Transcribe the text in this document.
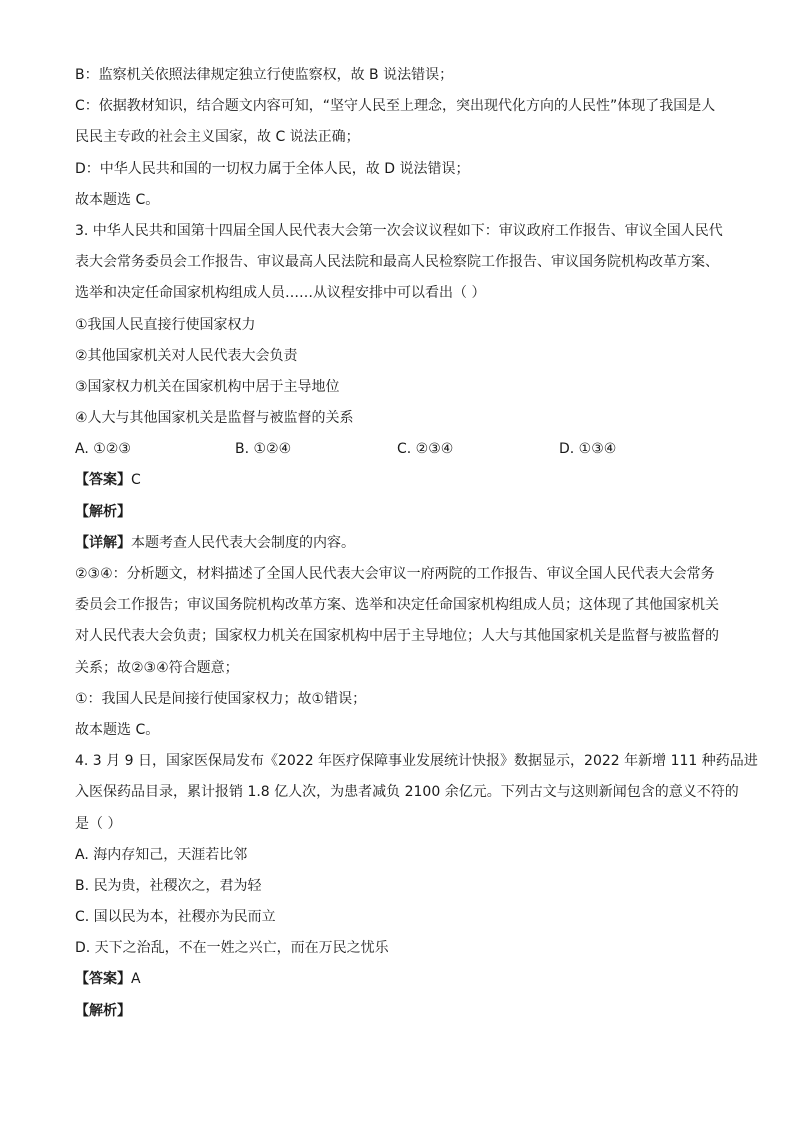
B：监察机关依照法律规定独立行使监察权，故 B 说法错误；
C：依据教材知识，结合题文内容可知，“坚守人民至上理念，突出现代化方向的人民性”体现了我国是人
民民主专政的社会主义国家，故 C 说法正确；
D：中华人民共和国的一切权力属于全体人民，故 D 说法错误；
故本题选 C。
3. 中华人民共和国第十四届全国人民代表大会第一次会议议程如下：审议政府工作报告、审议全国人民代
表大会常务委员会工作报告、审议最高人民法院和最高人民检察院工作报告、审议国务院机构改革方案、
选举和决定任命国家机构组成人员……从议程安排中可以看出（ ）
①我国人民直接行使国家权力
②其他国家机关对人民代表大会负责
③国家权力机关在国家机构中居于主导地位
④人大与其他国家机关是监督与被监督的关系
A. ①②③	B. ①②④	C. ②③④	D. ①③④
【答案】C
【解析】
【详解】本题考查人民代表大会制度的内容。
②③④：分析题文，材料描述了全国人民代表大会审议一府两院的工作报告、审议全国人民代表大会常务
委员会工作报告；审议国务院机构改革方案、选举和决定任命国家机构组成人员；这体现了其他国家机关
对人民代表大会负责；国家权力机关在国家机构中居于主导地位；人大与其他国家机关是监督与被监督的
关系；故②③④符合题意；
①：我国人民是间接行使国家权力；故①错误；
故本题选 C。
4. 3 月 9 日，国家医保局发布《2022 年医疗保障事业发展统计快报》数据显示，2022 年新增 111 种药品进
入医保药品目录，累计报销 1.8 亿人次，为患者减负 2100 余亿元。下列古文与这则新闻包含的意义不符的
是（ ）
A. 海内存知己，天涯若比邻
B. 民为贵，社稷次之，君为轻
C. 国以民为本，社稷亦为民而立
D. 天下之治乱，不在一姓之兴亡，而在万民之忧乐
【答案】A
【解析】
